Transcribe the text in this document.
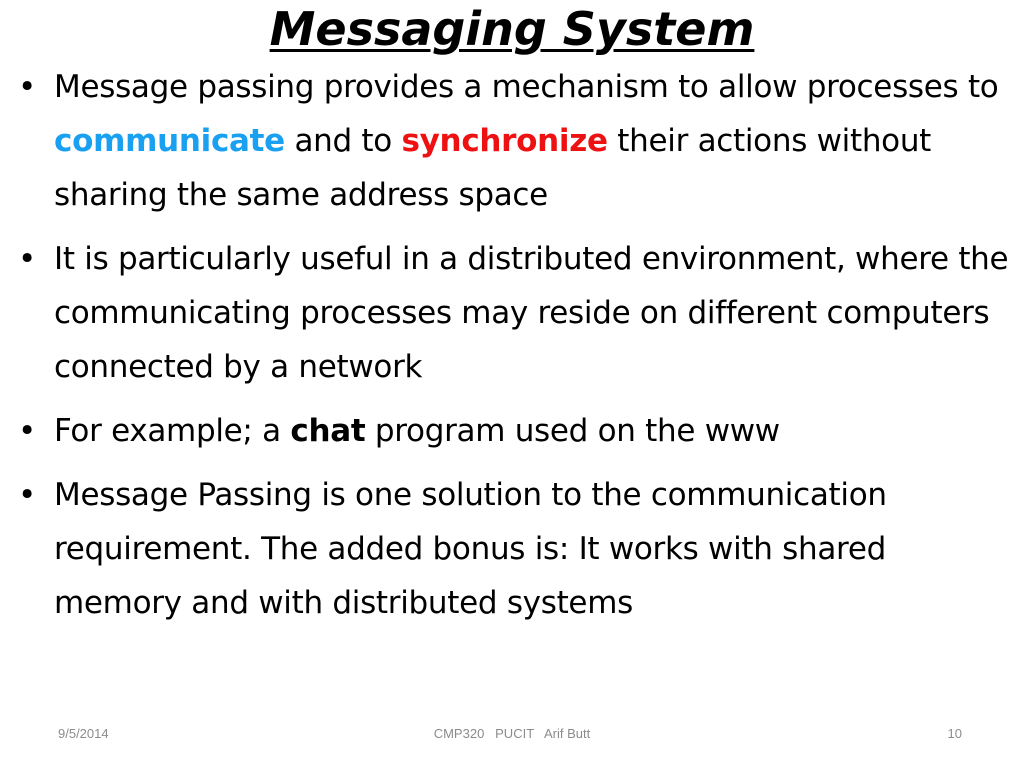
Messaging System
• Message passing provides a mechanism to allow processes to communicate and to synchronize their actions without sharing the same address space
• It is particularly useful in a distributed environment, where the communicating processes may reside on different computers connected by a network
• For example; a chat program used on the www
• Message Passing is one solution to the communication requirement. The added bonus is: It works with shared memory and with distributed systems
9/5/2014	CMP320   PUCIT   Arif Butt	10
